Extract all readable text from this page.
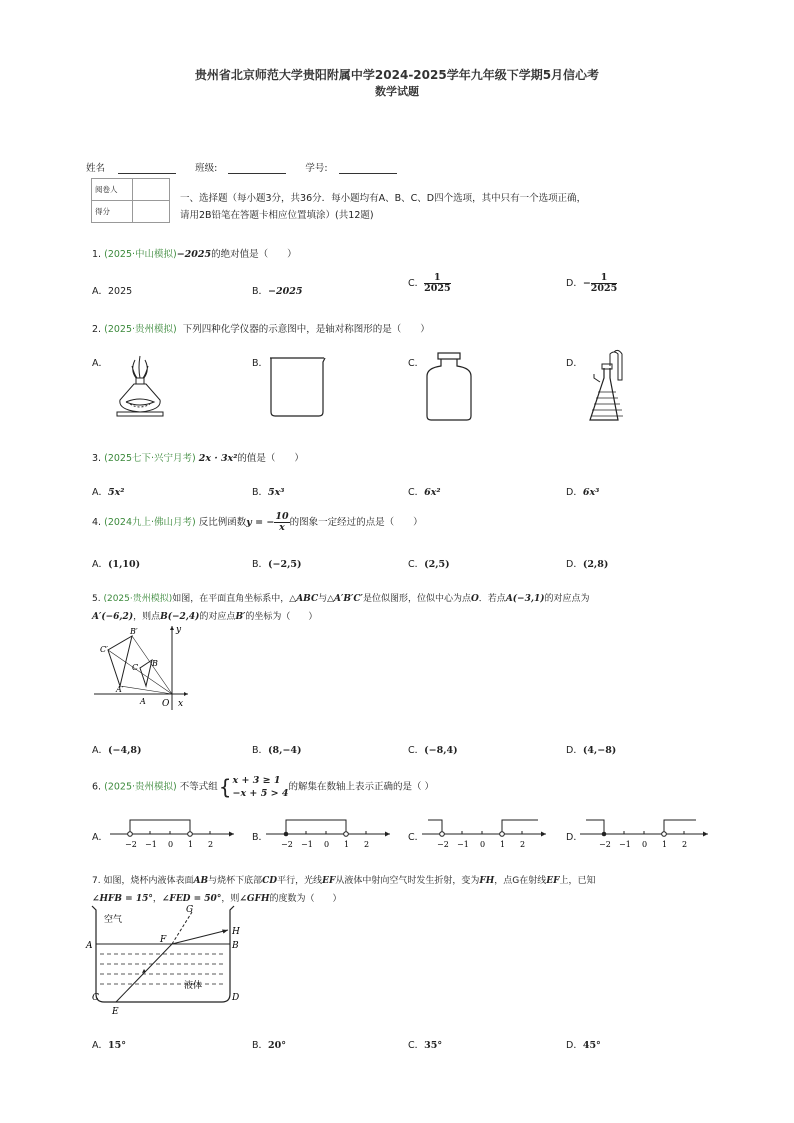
贵州省北京师范大学贵阳附属中学2024-2025学年九年级下学期5月信心考
数学试题
姓名	班级:	学号:
阅卷人	
得分	
一、选择题（每小题3分，共36分．每小题均有A、B、C、D四个选项，其中只有一个选项正确，
请用2B铅笔在答题卡相应位置填涂）(共12题)
1. (2025·中山模拟)−2025的绝对值是（　　）
A．2025	B．−2025
C． $\frac{1}{2025}$	D．− $\frac{1}{2025}$
2. (2025·贵州模拟) 下列四种化学仪器的示意图中，是轴对称图形的是（　　）
A．	B．	C．	D．
3. (2025七下·兴宁月考) 2x · 3x²的值是（　　）
A．5x²	B．5x³	C．6x²	D．6x³
4. (2024九上·佛山月考) 反比例函数y = − $\frac{10}{x}$ 的图象一定经过的点是（　　）
A．(1,10)	B．(−2,5)	C．(2,5)	D．(2,8)
5. (2025·贵州模拟)如图，在平面直角坐标系中，△ABC与△A′B′C′是位似图形，位似中心为点O．若点A(−3,1)的对应点为
A′(−6,2)，则点B(−2,4)的对应点B′的坐标为（　　）
y
x
O
B′
C′
A′
B
C
A
A．(−4,8)	B．(8,−4)	C．(−8,4)	D．(4,−8)
6. (2025·贵州模拟) 不等式组{ x + 3 ≥ 1
−x + 5 > 4
的解集在数轴上表示正确的是（ ）
A．	B．	C．	D．
−2 −1 0 1 2	−2 −1 0 1 2	−2 −1 0 1 2	−2 −1 0 1 2
7. 如图，烧杯内液体表面AB与烧杯下底部CD平行，光线EF从液体中射向空气时发生折射，变为FH，点G在射线EF上，已知
∠HFB = 15°，∠FED = 50°，则∠GFH的度数为（　　）
A	B
C	D
E
F
G
H
空气
液体
A．15°	B．20°	C．35°	D．45°
